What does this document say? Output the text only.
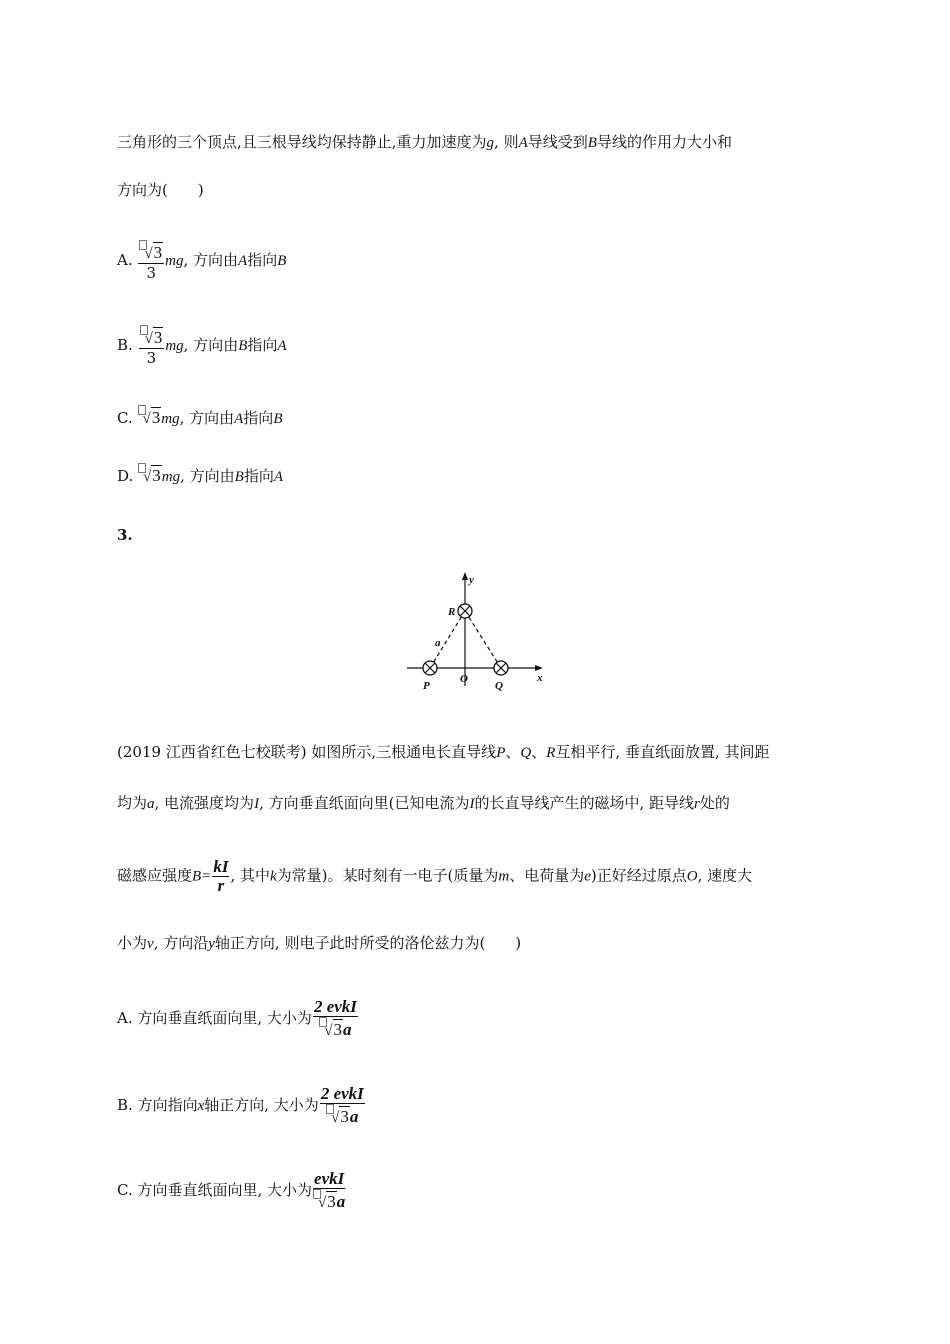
三角形的三个顶点,且三根导线均保持静止,重力加速度为g, 则A导线受到B导线的作用力大小和
方向为(　　)
A. $\frac{√3}{3}$ mg, 方向由A指向B
B. $\frac{√3}{3}$ mg, 方向由B指向A
C. √3mg, 方向由A指向B
D. √3mg, 方向由B指向A
3.
y
x
R
a
P
O
Q
(2019 江西省红色七校联考) 如图所示,三根通电长直导线P、Q、R互相平行, 垂直纸面放置, 其间距
均为a, 电流强度均为I, 方向垂直纸面向里(已知电流为I的长直导线产生的磁场中, 距导线r处的
磁感应强度$B= \frac{kI}{r}$ , 其中k为常量)。某时刻有一电子(质量为m、电荷量为e)正好经过原点O, 速度大
小为v, 方向沿y轴正方向, 则电子此时所受的洛伦兹力为(　　)
A. 方向垂直纸面向里, 大小为 $\frac{\text{2 evkI}}{√3a}$
B. 方向指向x轴正方向, 大小为 $\frac{\text{2 evkI}}{√3a}$
C. 方向垂直纸面向里, 大小为 $\frac{\text{evkI}}{√3a}$
